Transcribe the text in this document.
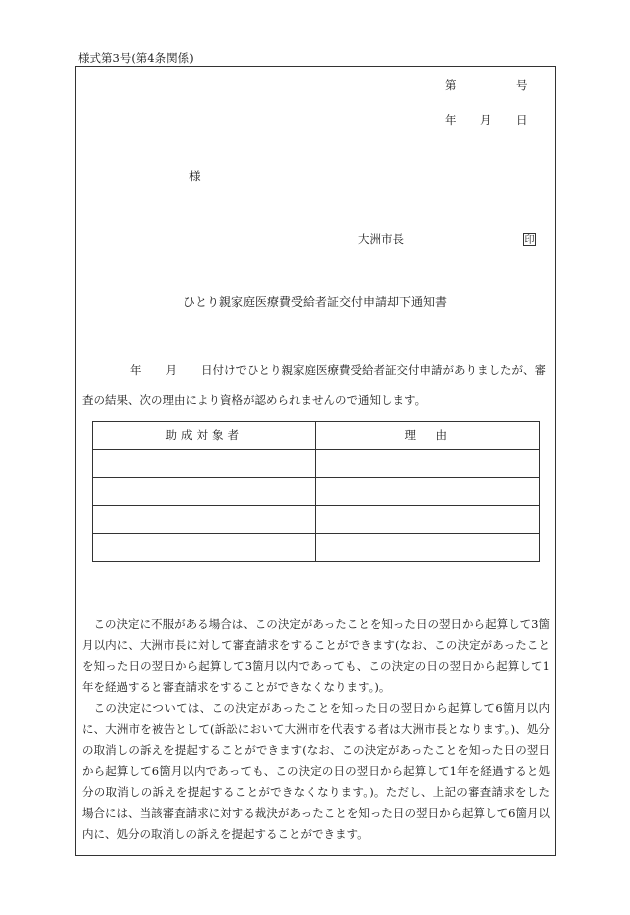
様式第3号(第4条関係)
第	号
年 月 日
様
大洲市長	印
ひとり親家庭医療費受給者証交付申請却下通知書

年 月 日付けでひとり親家庭医療費受給者証交付申請がありましたが、審

査の結果、次の理由により資格が認められませんので通知します。

助成対象者	理　由

この決定に不服がある場合は、この決定があったことを知った日の翌日から起算して3箇月以内に、大洲市長に対して審査請求をすることができます(なお、この決定があったことを知った日の翌日から起算して3箇月以内であっても、この決定の日の翌日から起算して1年を経過すると審査請求をすることができなくなります。)。

この決定については、この決定があったことを知った日の翌日から起算して6箇月以内に、大洲市を被告として(訴訟において大洲市を代表する者は大洲市長となります。)、処分の取消しの訴えを提起することができます(なお、この決定があったことを知った日の翌日から起算して6箇月以内であっても、この決定の日の翌日から起算して1年を経過すると処分の取消しの訴えを提起することができなくなります。)。ただし、上記の審査請求をした場合には、当該審査請求に対する裁決があったことを知った日の翌日から起算して6箇月以内に、処分の取消しの訴えを提起することができます。
